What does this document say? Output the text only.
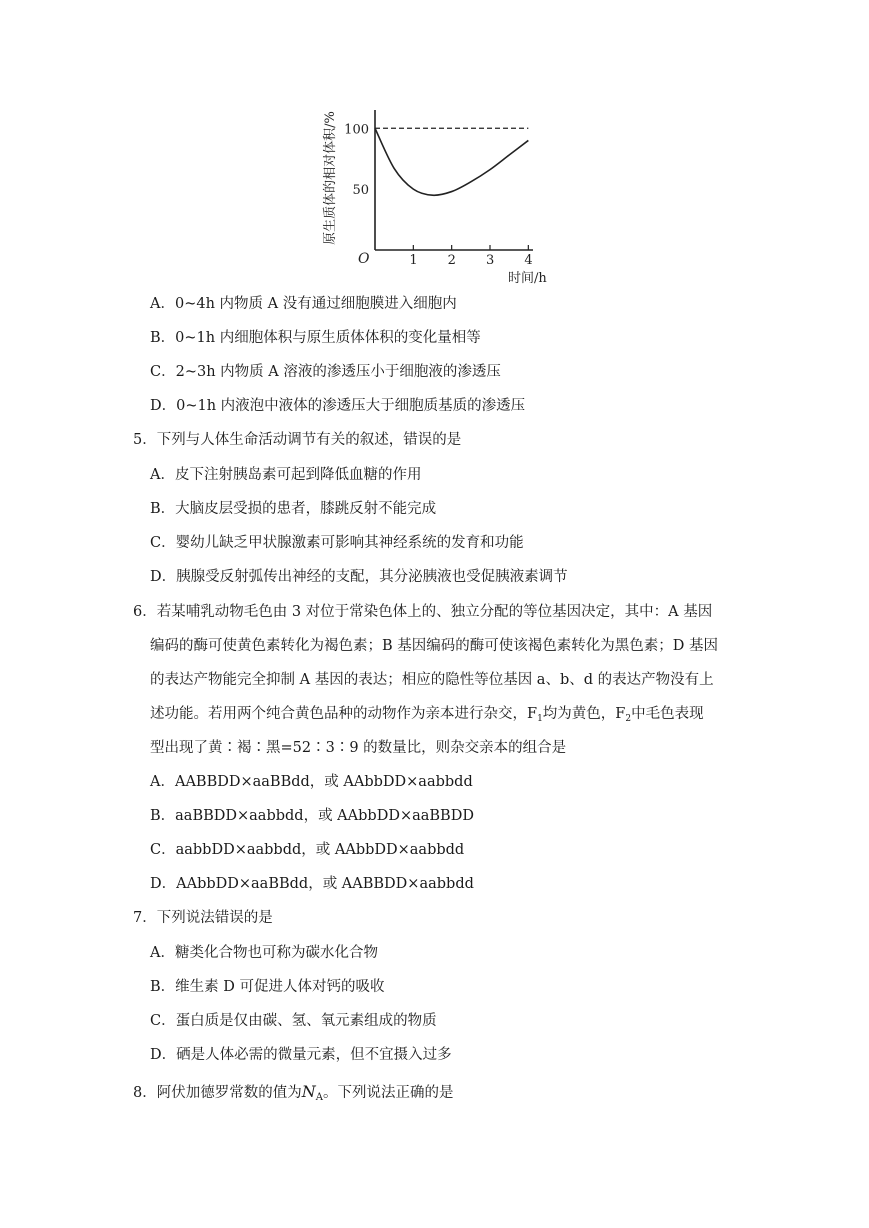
原生质体的相对体积/%
O
时间/h
1 2 3 4
100
50
A．0~4h 内物质 A 没有通过细胞膜进入细胞内
B．0~1h 内细胞体积与原生质体体积的变化量相等
C．2~3h 内物质 A 溶液的渗透压小于细胞液的渗透压
D．0~1h 内液泡中液体的渗透压大于细胞质基质的渗透压
5．下列与人体生命活动调节有关的叙述，错误的是
A．皮下注射胰岛素可起到降低血糖的作用
B．大脑皮层受损的患者，膝跳反射不能完成
C．婴幼儿缺乏甲状腺激素可影响其神经系统的发育和功能
D．胰腺受反射弧传出神经的支配，其分泌胰液也受促胰液素调节
6．若某哺乳动物毛色由 3 对位于常染色体上的、独立分配的等位基因决定，其中：A 基因
编码的酶可使黄色素转化为褐色素；B 基因编码的酶可使该褐色素转化为黑色素；D 基因
的表达产物能完全抑制 A 基因的表达；相应的隐性等位基因 a、b、d 的表达产物没有上
述功能。若用两个纯合黄色品种的动物作为亲本进行杂交，$F_1$均为黄色，$F_2$中毛色表现
型出现了黄∶褐∶黑=52∶3∶9 的数量比，则杂交亲本的组合是
A．AABBDD×aaBBdd，或 AAbbDD×aabbdd
B．aaBBDD×aabbdd，或 AAbbDD×aaBBDD
C．aabbDD×aabbdd，或 AAbbDD×aabbdd
D．AAbbDD×aaBBdd，或 AABBDD×aabbdd
7．下列说法错误的是
A．糖类化合物也可称为碳水化合物
B．维生素 D 可促进人体对钙的吸收
C．蛋白质是仅由碳、氢、氧元素组成的物质
D．硒是人体必需的微量元素，但不宜摄入过多
8．阿伏加德罗常数的值为$N_A$。下列说法正确的是
